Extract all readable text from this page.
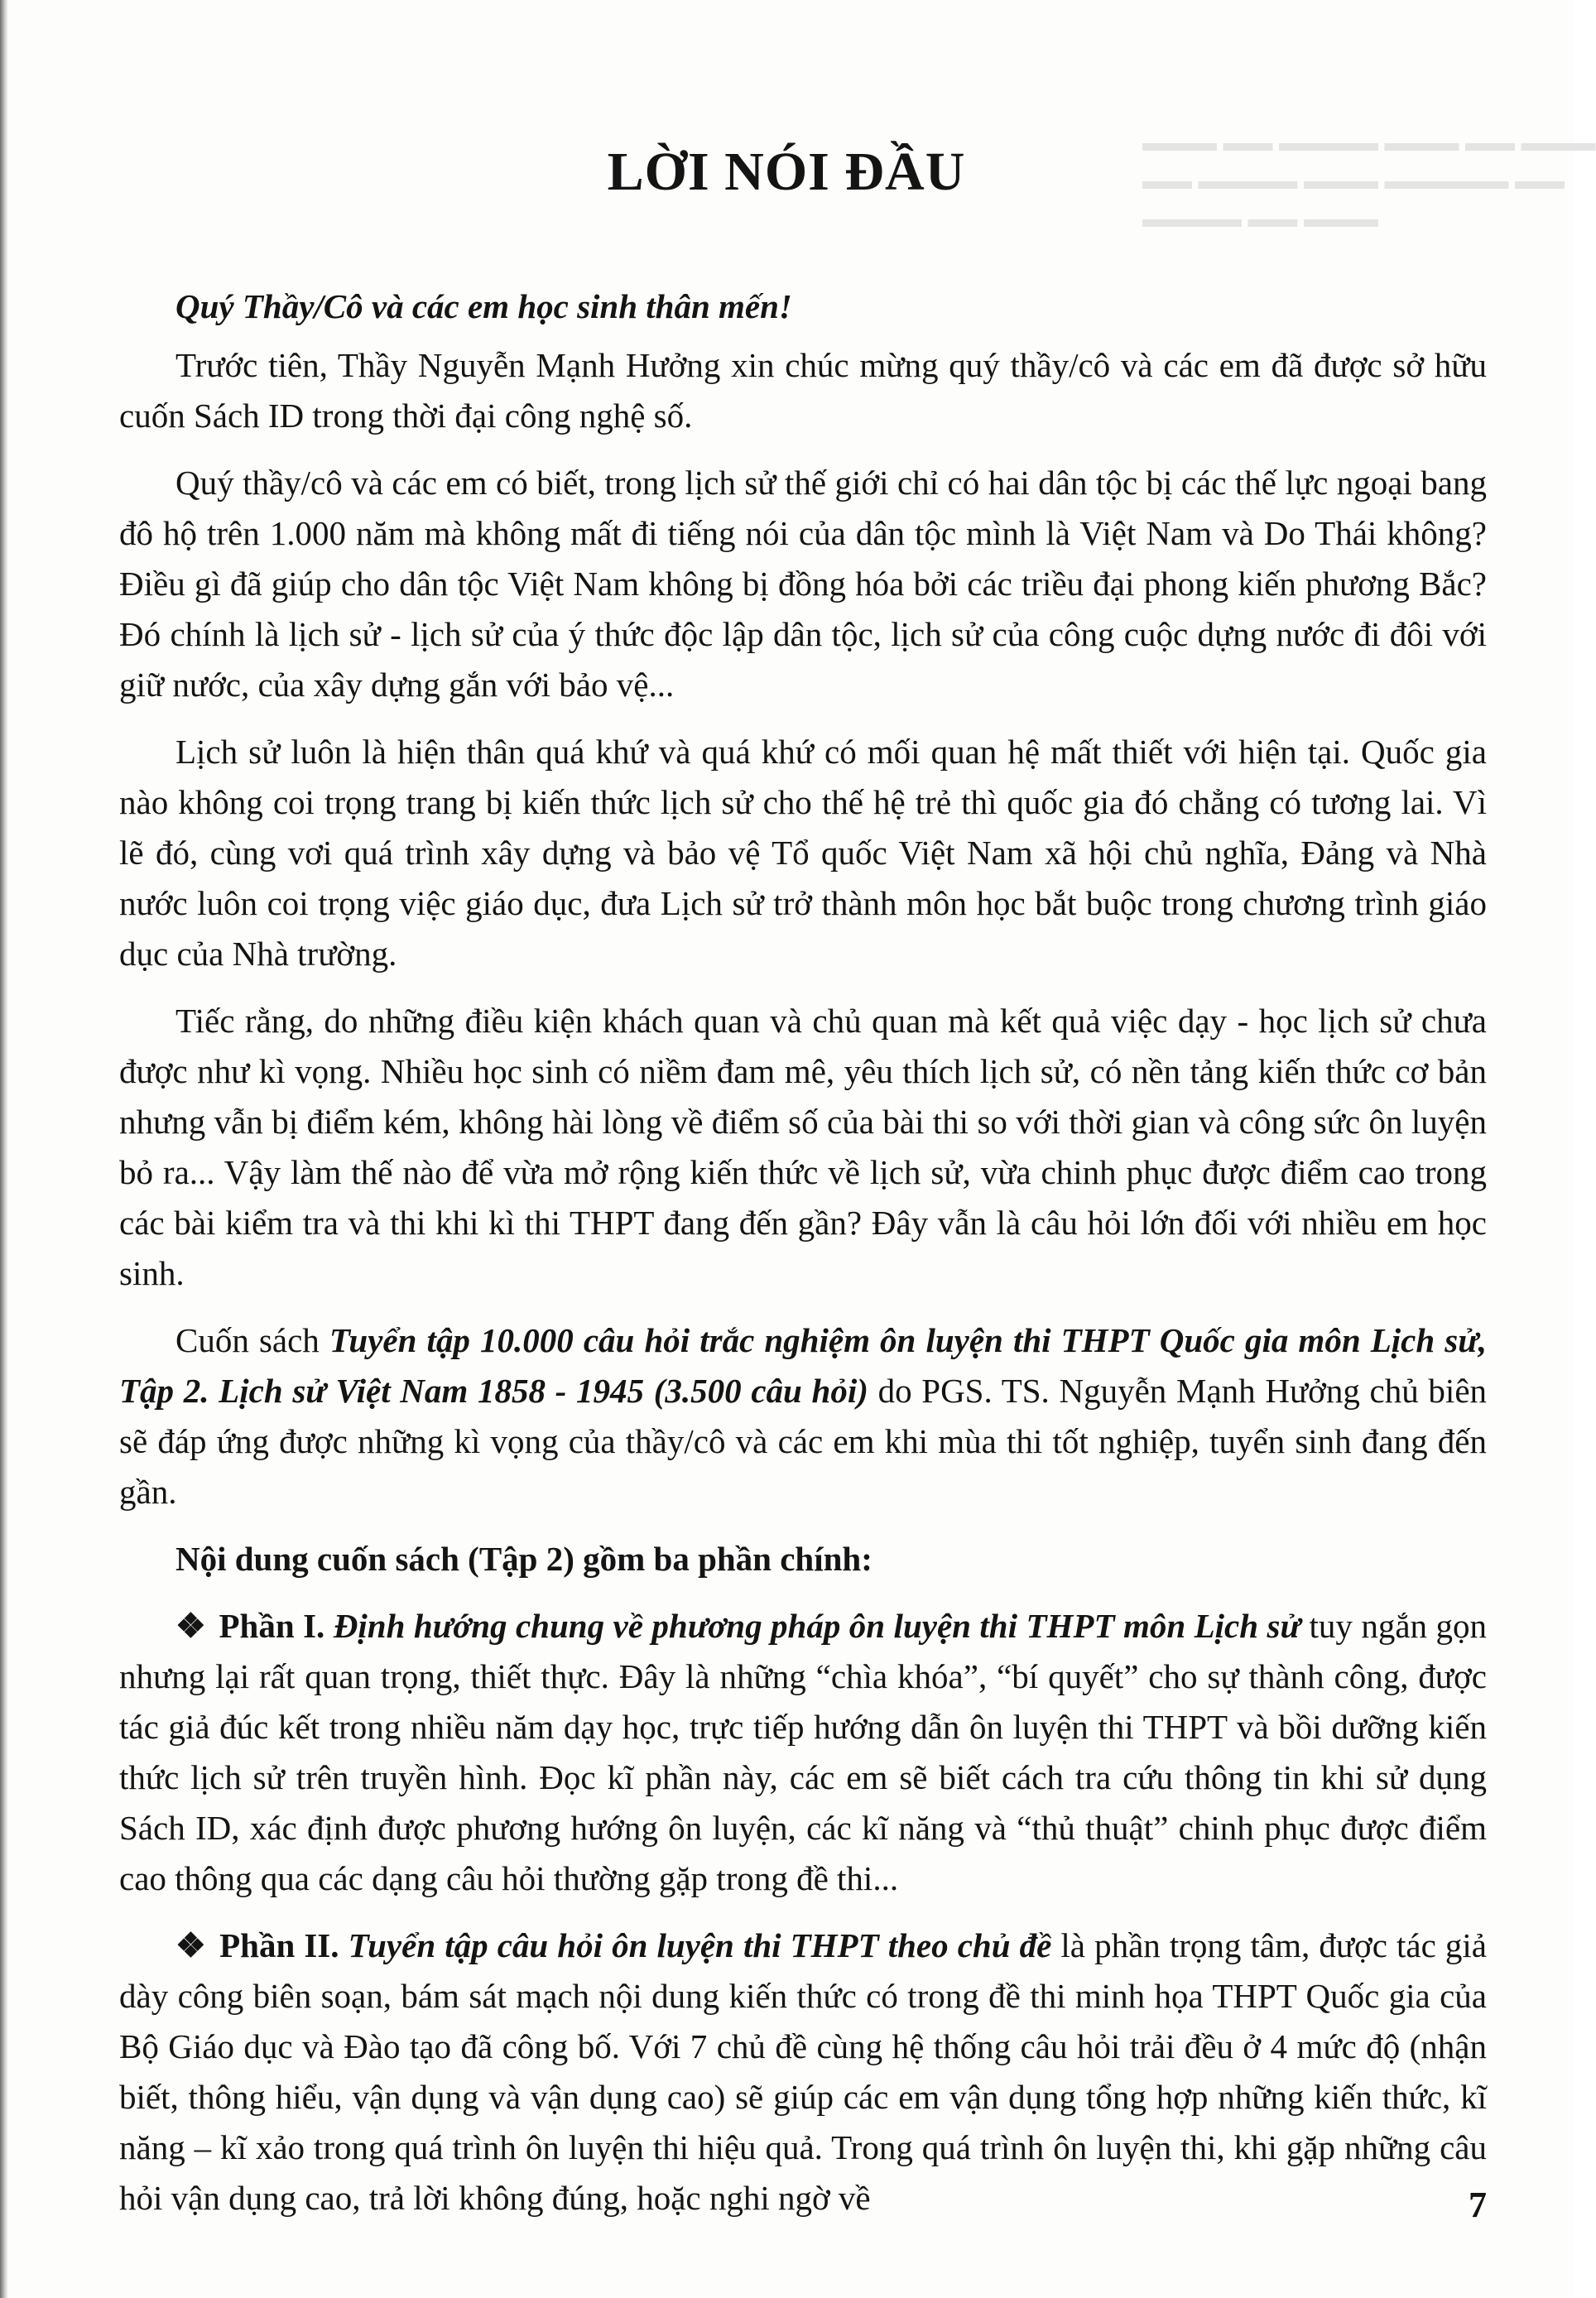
▬▬▬ ▬▬ ▬▬▬▬ ▬▬▬ ▬▬ ▬▬▬
▬▬ ▬▬▬▬ ▬▬▬ ▬▬▬▬▬ ▬▬
▬▬▬▬ ▬▬ ▬▬▬
LỜI NÓI ĐẦU

Quý Thầy/Cô và các em học sinh thân mến!

Trước tiên, Thầy Nguyễn Mạnh Hưởng xin chúc mừng quý thầy/cô và các em đã được sở hữu cuốn Sách ID trong thời đại công nghệ số.

Quý thầy/cô và các em có biết, trong lịch sử thế giới chỉ có hai dân tộc bị các thế lực ngoại bang đô hộ trên 1.000 năm mà không mất đi tiếng nói của dân tộc mình là Việt Nam và Do Thái không? Điều gì đã giúp cho dân tộc Việt Nam không bị đồng hóa bởi các triều đại phong kiến phương Bắc? Đó chính là lịch sử - lịch sử của ý thức độc lập dân tộc, lịch sử của công cuộc dựng nước đi đôi với giữ nước, của xây dựng gắn với bảo vệ...

Lịch sử luôn là hiện thân quá khứ và quá khứ có mối quan hệ mất thiết với hiện tại. Quốc gia nào không coi trọng trang bị kiến thức lịch sử cho thế hệ trẻ thì quốc gia đó chẳng có tương lai. Vì lẽ đó, cùng vơi quá trình xây dựng và bảo vệ Tổ quốc Việt Nam xã hội chủ nghĩa, Đảng và Nhà nước luôn coi trọng việc giáo dục, đưa Lịch sử trở thành môn học bắt buộc trong chương trình giáo dục của Nhà trường.

Tiếc rằng, do những điều kiện khách quan và chủ quan mà kết quả việc dạy - học lịch sử chưa được như kì vọng. Nhiều học sinh có niềm đam mê, yêu thích lịch sử, có nền tảng kiến thức cơ bản nhưng vẫn bị điểm kém, không hài lòng về điểm số của bài thi so với thời gian và công sức ôn luyện bỏ ra... Vậy làm thế nào để vừa mở rộng kiến thức về lịch sử, vừa chinh phục được điểm cao trong các bài kiểm tra và thi khi kì thi THPT đang đến gần? Đây vẫn là câu hỏi lớn đối với nhiều em học sinh.

Cuốn sách Tuyển tập 10.000 câu hỏi trắc nghiệm ôn luyện thi THPT Quốc gia môn Lịch sử, Tập 2. Lịch sử Việt Nam 1858 - 1945 (3.500 câu hỏi) do PGS. TS. Nguyễn Mạnh Hưởng chủ biên sẽ đáp ứng được những kì vọng của thầy/cô và các em khi mùa thi tốt nghiệp, tuyển sinh đang đến gần.

Nội dung cuốn sách (Tập 2) gồm ba phần chính:

❖ Phần I. Định hướng chung về phương pháp ôn luyện thi THPT môn Lịch sử tuy ngắn gọn nhưng lại rất quan trọng, thiết thực. Đây là những “chìa khóa”, “bí quyết” cho sự thành công, được tác giả đúc kết trong nhiều năm dạy học, trực tiếp hướng dẫn ôn luyện thi THPT và bồi dưỡng kiến thức lịch sử trên truyền hình. Đọc kĩ phần này, các em sẽ biết cách tra cứu thông tin khi sử dụng Sách ID, xác định được phương hướng ôn luyện, các kĩ năng và “thủ thuật” chinh phục được điểm cao thông qua các dạng câu hỏi thường gặp trong đề thi...

❖ Phần II. Tuyển tập câu hỏi ôn luyện thi THPT theo chủ đề là phần trọng tâm, được tác giả dày công biên soạn, bám sát mạch nội dung kiến thức có trong đề thi minh họa THPT Quốc gia của Bộ Giáo dục và Đào tạo đã công bố. Với 7 chủ đề cùng hệ thống câu hỏi trải đều ở 4 mức độ (nhận biết, thông hiểu, vận dụng và vận dụng cao) sẽ giúp các em vận dụng tổng hợp những kiến thức, kĩ năng – kĩ xảo trong quá trình ôn luyện thi hiệu quả. Trong quá trình ôn luyện thi, khi gặp những câu hỏi vận dụng cao, trả lời không đúng, hoặc nghi ngờ về	7
